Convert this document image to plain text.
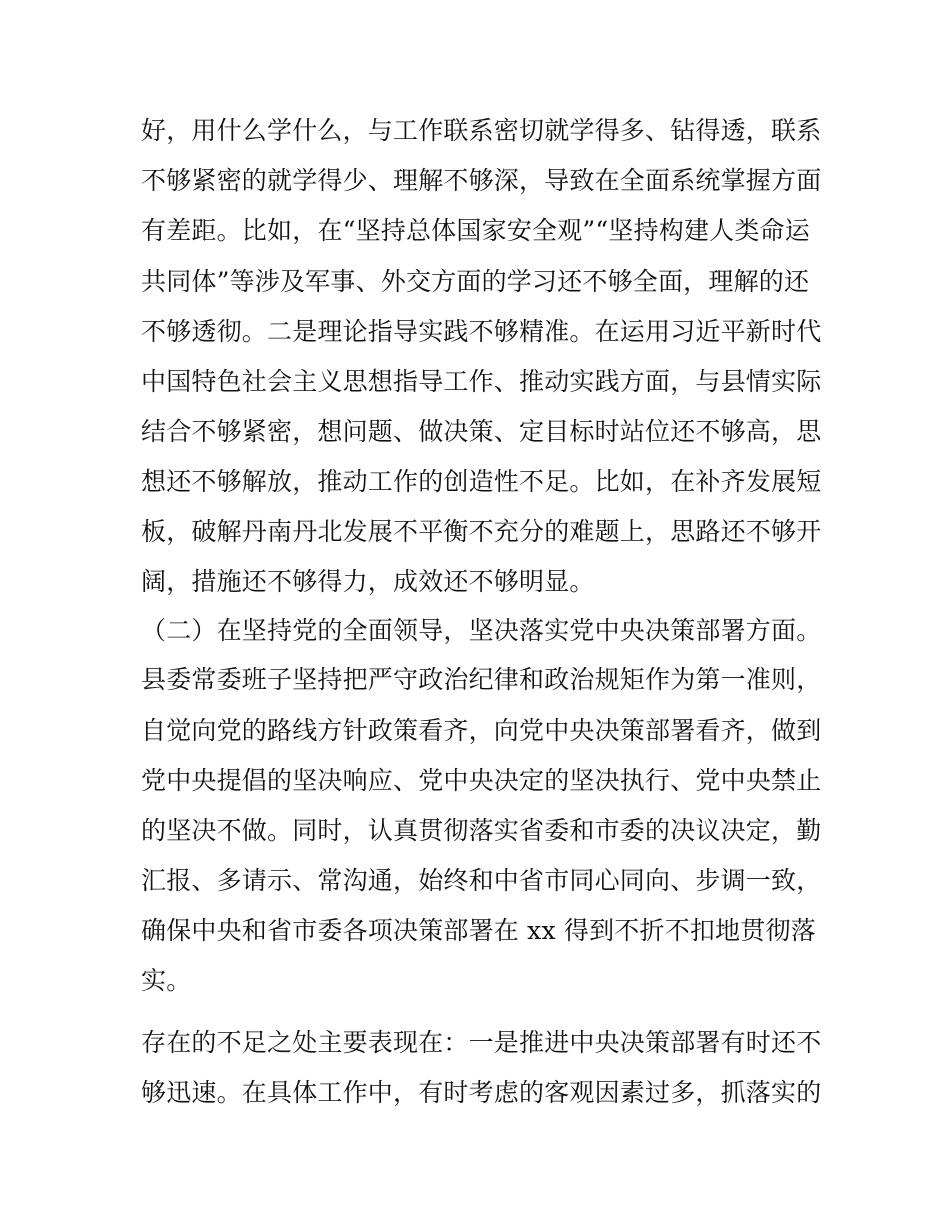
好，用什么学什么，与工作联系密切就学得多、钻得透，联系
不够紧密的就学得少、理解不够深，导致在全面系统掌握方面
有差距。比如，在“坚持总体国家安全观”“坚持构建人类命运
共同体”等涉及军事、外交方面的学习还不够全面，理解的还
不够透彻。二是理论指导实践不够精准。在运用习近平新时代
中国特色社会主义思想指导工作、推动实践方面，与县情实际
结合不够紧密，想问题、做决策、定目标时站位还不够高，思
想还不够解放，推动工作的创造性不足。比如，在补齐发展短
板，破解丹南丹北发展不平衡不充分的难题上，思路还不够开
阔，措施还不够得力，成效还不够明显。
（二）在坚持党的全面领导，坚决落实党中央决策部署方面。
县委常委班子坚持把严守政治纪律和政治规矩作为第一准则，
自觉向党的路线方针政策看齐，向党中央决策部署看齐，做到
党中央提倡的坚决响应、党中央决定的坚决执行、党中央禁止
的坚决不做。同时，认真贯彻落实省委和市委的决议决定，勤
汇报、多请示、常沟通，始终和中省市同心同向、步调一致，
确保中央和省市委各项决策部署在 xx 得到不折不扣地贯彻落
实。
存在的不足之处主要表现在：一是推进中央决策部署有时还不
够迅速。在具体工作中，有时考虑的客观因素过多，抓落实的
